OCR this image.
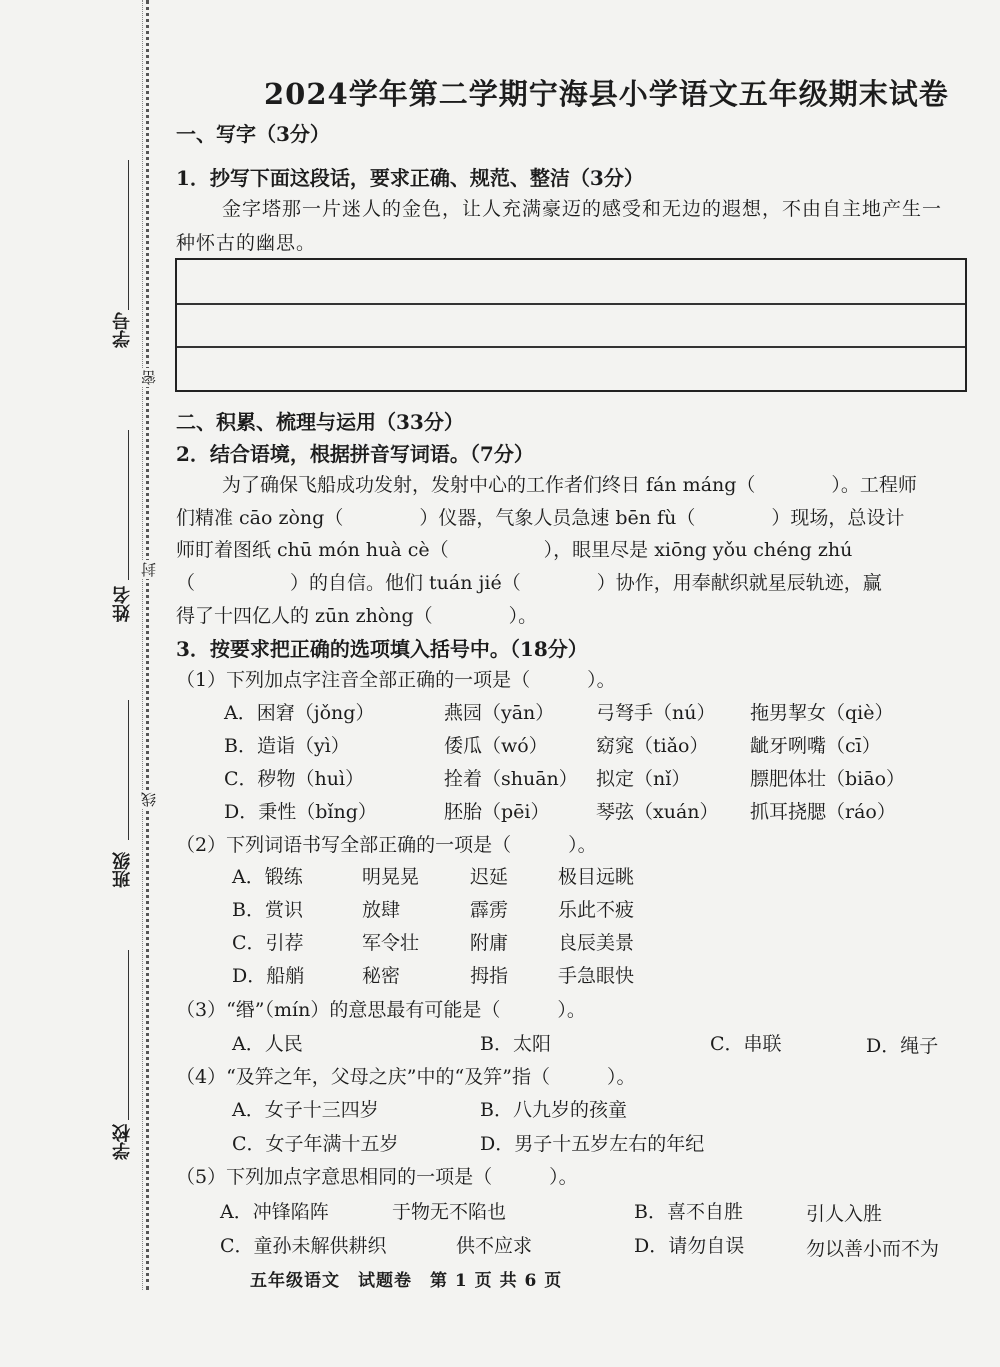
学号
密
姓名
封
线
班级
学校
2024学年第二学期宁海县小学语文五年级期末试卷
一、写字（3分）
1．抄写下面这段话，要求正确、规范、整洁（3分）
金字塔那一片迷人的金色，让人充满豪迈的感受和无边的遐想，不由自主地产生一
种怀古的幽思。
二、积累、梳理与运用（33分）
2．结合语境，根据拼音写词语。（7分）
为了确保飞船成功发射，发射中心的工作者们终日 fán máng（　　　　）。工程师
们精准 cāo zòng（　　　　）仪器，气象人员急速 bēn fù（　　　　）现场，总设计
师盯着图纸 chū món huà cè（　　　　　），眼里尽是 xiōng yǒu chéng zhú
（　　　　　）的自信。他们 tuán jié（　　　　）协作，用奉献织就星辰轨迹，赢
得了十四亿人的 zūn zhòng（　　　　）。
3．按要求把正确的选项填入括号中。（18分）
（1）下列加点字注音全部正确的一项是（　　　）。
A．困窘（jǒng）	燕园（yān） 弓弩手（nú） 拖男挈女（qiè）
B．造诣（yì）	倭瓜（wó）	窈窕（tiǎo） 龇牙咧嘴（cī）
C．秽物（huì）	拴着（shuān） 拟定（nǐ）	膘肥体壮（biāo）
D．秉性（bǐng）	胚胎（pēi） 琴弦（xuán） 抓耳挠腮（ráo）
（2）下列词语书写全部正确的一项是（　　　）。
A．锻练	明晃晃	迟延	极目远眺
B．赏识	放肆	霹雳	乐此不疲
C．引荐	军令壮	附庸	良辰美景
D．船艄	秘密	拇指	手急眼快
（3）“缗”（mín）的意思最有可能是（　　　）。
A．人民	B．太阳	C．串联	D．绳子
（4）“及笄之年，父母之庆”中的“及笄”指（　　　）。
A．女子十三四岁	B．八九岁的孩童
C．女子年满十五岁	D．男子十五岁左右的年纪
（5）下列加点字意思相同的一项是（　　　）。
A．冲锋陷阵	于物无不陷也	B．喜不自胜	引人入胜
C．童孙未解供耕织	供不应求	D．请勿自误	勿以善小而不为
五年级语文　试题卷　第 1 页 共 6 页
